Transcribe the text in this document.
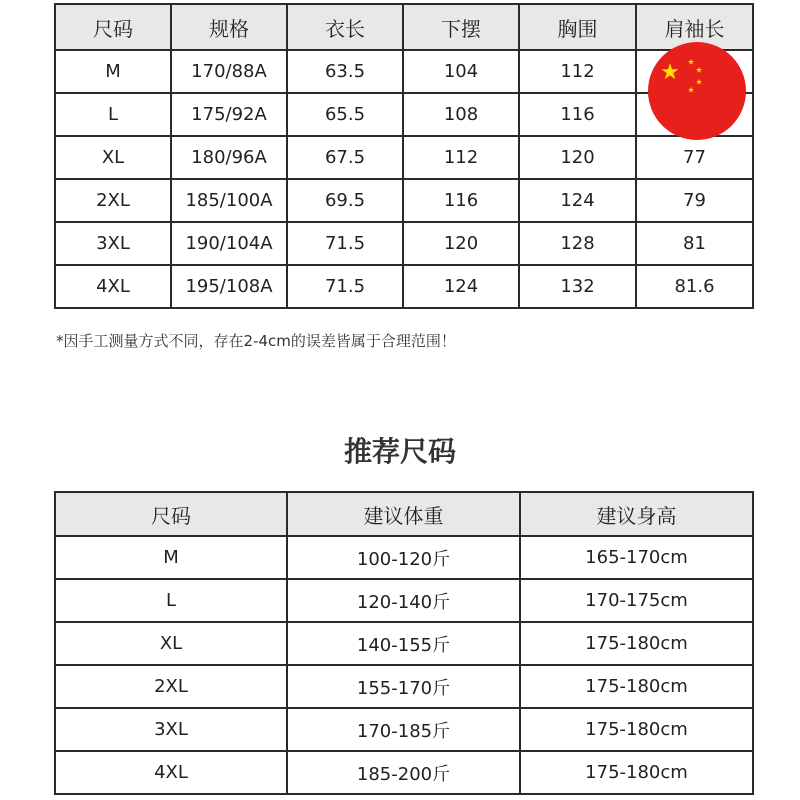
尺码	规格	衣长	下摆	胸围	肩袖长
M	170/88A	63.5	104	112	
L	175/92A	65.5	108	116	
XL	180/96A	67.5	112	120	77
2XL	185/100A	69.5	116	124	79
3XL	190/104A	71.5	120	128	81
4XL	195/108A	71.5	124	132	81.6
*因手工测量方式不同，存在2-4cm的误差皆属于合理范围！
推荐尺码
尺码	建议体重	建议身高
M	100-120斤	165-170cm
L	120-140斤	170-175cm
XL	140-155斤	175-180cm
2XL	155-170斤	175-180cm
3XL	170-185斤	175-180cm
4XL	185-200斤	175-180cm
